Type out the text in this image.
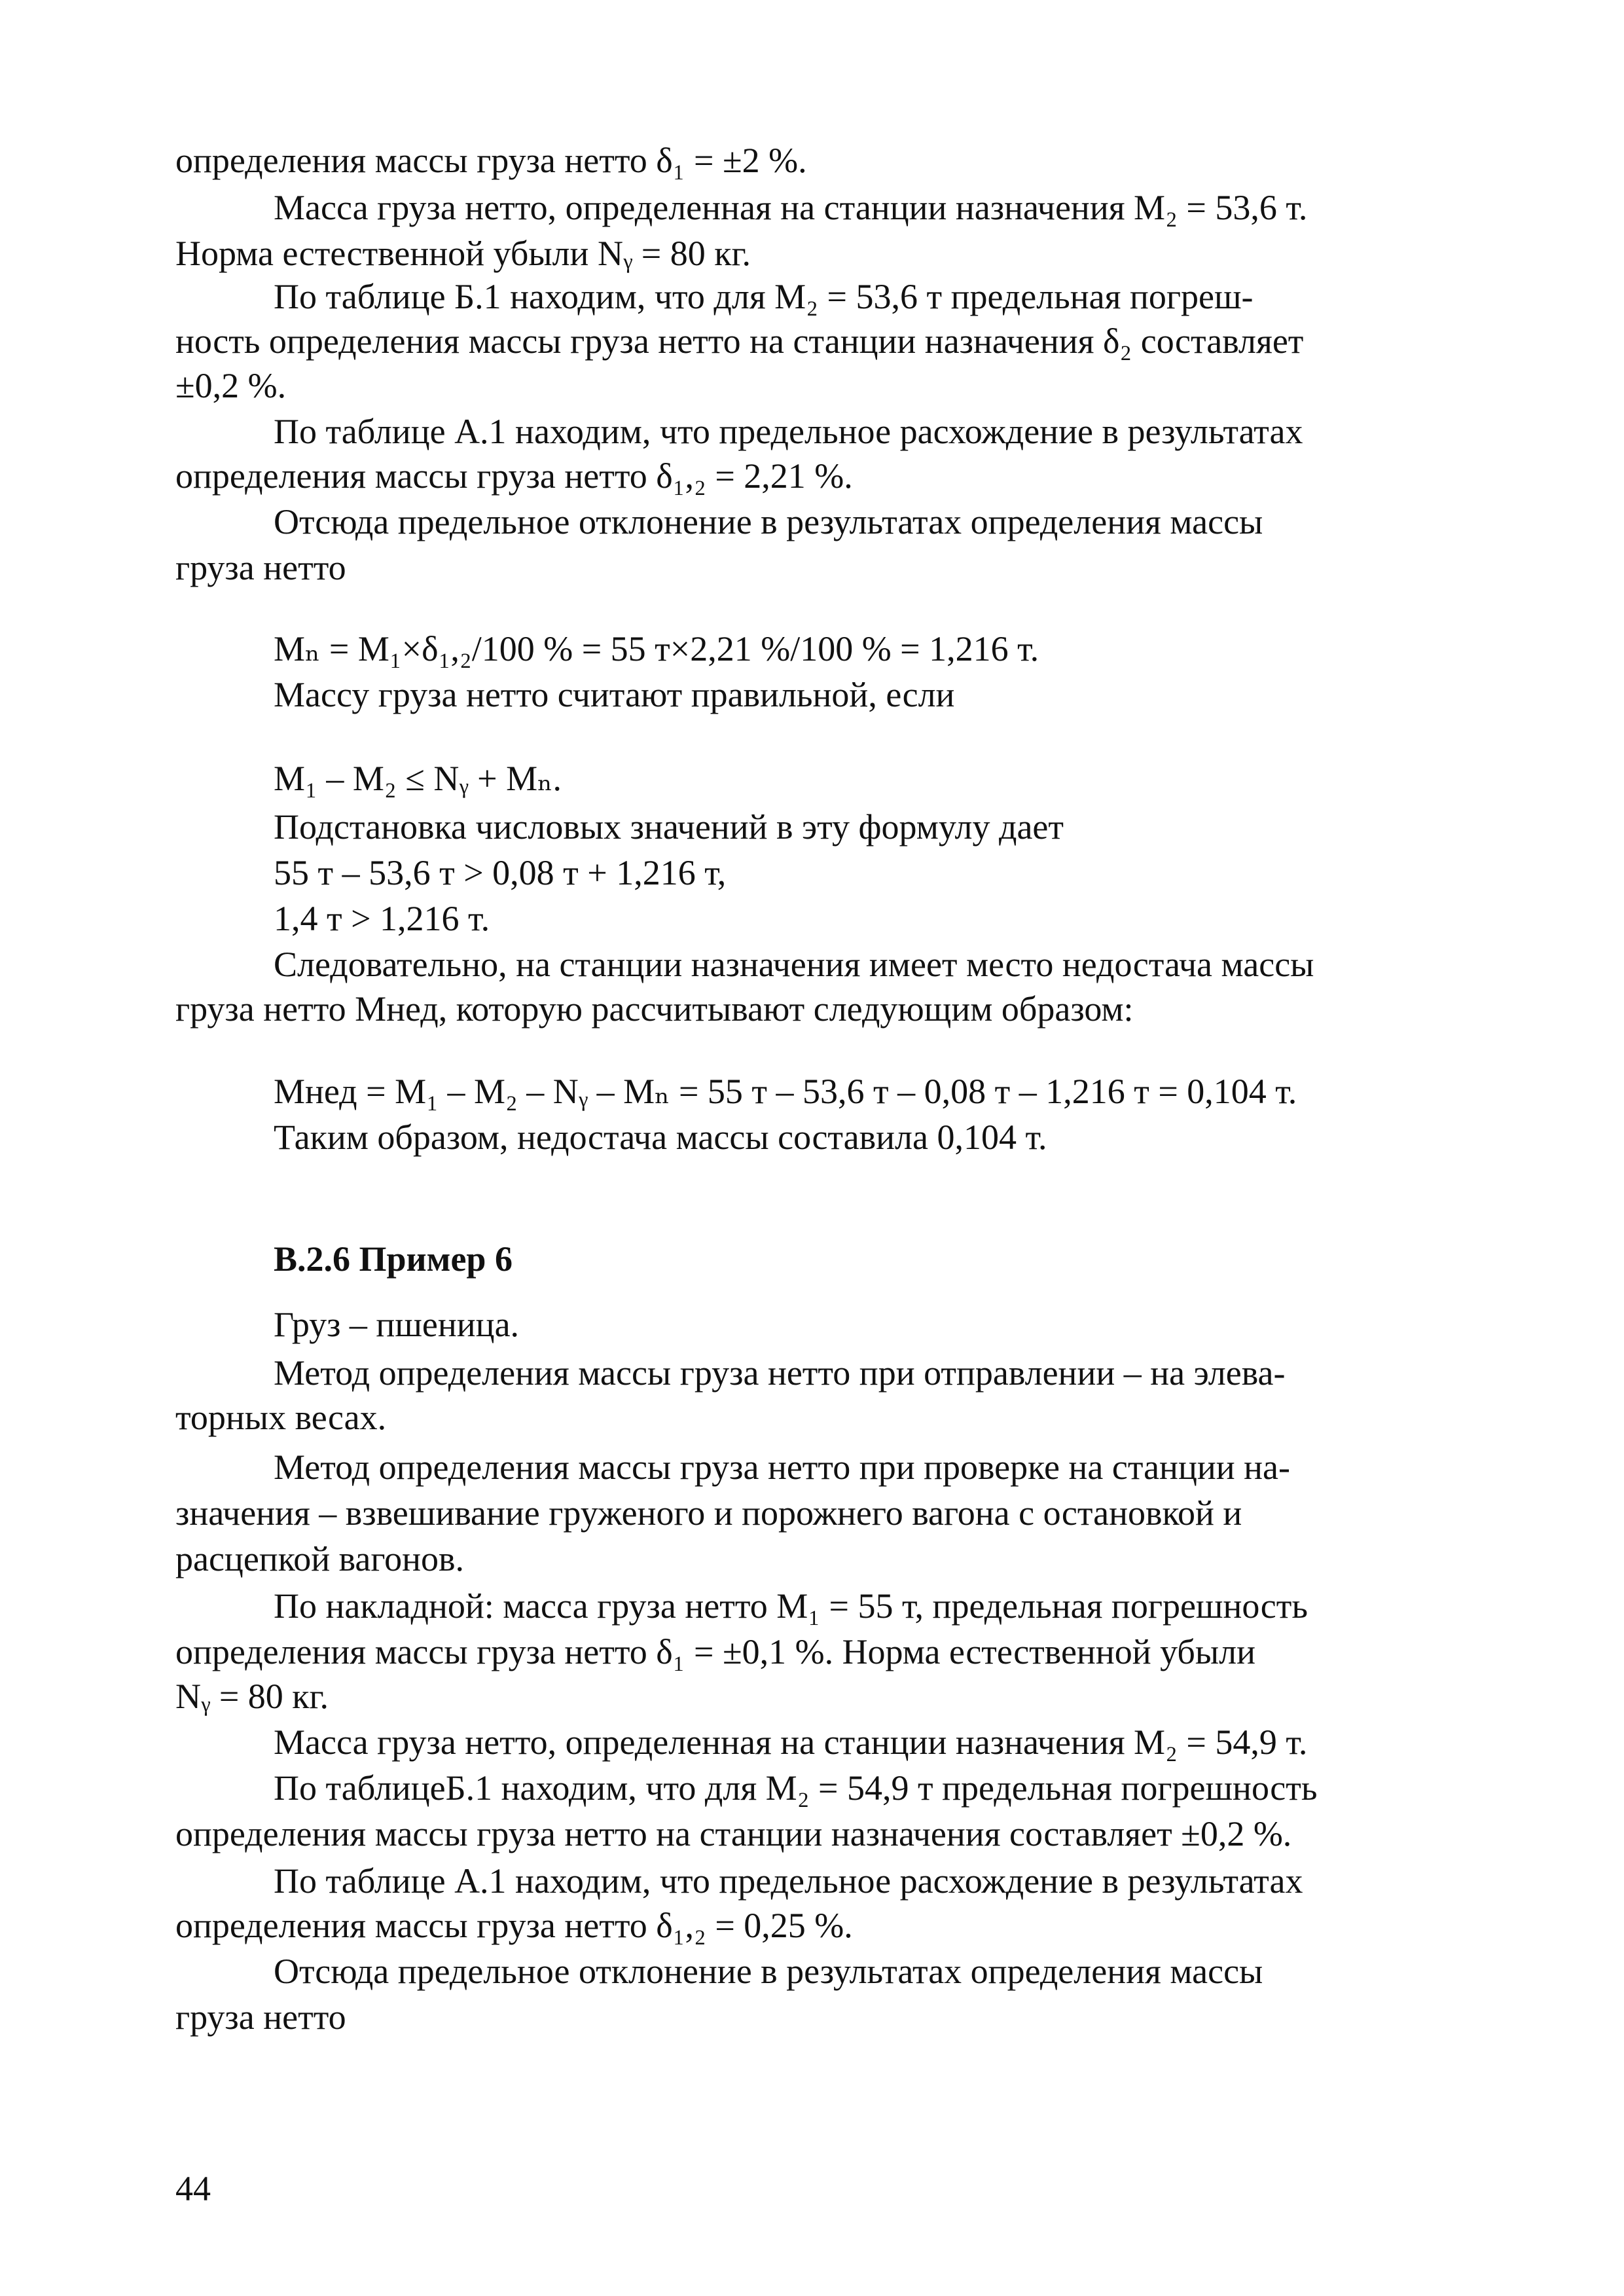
определения массы груза нетто δ₁ = ±2 %.
Масса груза нетто, определенная на станции назначения М₂ = 53,6 т.
Норма естественной убыли Nᵧ = 80 кг.
По таблице Б.1 находим, что для М₂ = 53,6 т предельная погреш-
ность определения массы груза нетто на станции назначения δ₂ составляет
±0,2 %.
По таблице А.1 находим, что предельное расхождение в результатах
определения массы груза нетто δ₁,₂ = 2,21 %.
Отсюда предельное отклонение в результатах определения массы
груза нетто
Мₙ = М₁×δ₁,₂/100 % = 55 т×2,21 %/100 % = 1,216 т.
Массу груза нетто считают правильной, если
М₁ – М₂ ≤ Nᵧ + Мₙ.
Подстановка числовых значений в эту формулу дает
55 т – 53,6 т > 0,08 т + 1,216 т,
1,4 т > 1,216 т.
Следовательно, на станции назначения имеет место недостача массы
груза нетто Мнед, которую рассчитывают следующим образом:
Мнед = М₁ – М₂ – Nᵧ – Мₙ = 55 т – 53,6 т – 0,08 т – 1,216 т = 0,104 т.
Таким образом, недостача массы составила 0,104 т.
В.2.6 Пример 6
Груз – пшеница.
Метод определения массы груза нетто при отправлении – на элева-
торных весах.
Метод определения массы груза нетто при проверке на станции на-
значения – взвешивание груженого и порожнего вагона с остановкой и
расцепкой вагонов.
По накладной: масса груза нетто М₁ = 55 т, предельная погрешность
определения массы груза нетто δ₁ = ±0,1 %. Норма естественной убыли
Nᵧ = 80 кг.
Масса груза нетто, определенная на станции назначения М₂ = 54,9 т.
По таблицеБ.1 находим, что для М₂ = 54,9 т предельная погрешность
определения массы груза нетто на станции назначения составляет ±0,2 %.
По таблице А.1 находим, что предельное расхождение в результатах
определения массы груза нетто δ₁,₂ = 0,25 %.
Отсюда предельное отклонение в результатах определения массы
груза нетто
44
